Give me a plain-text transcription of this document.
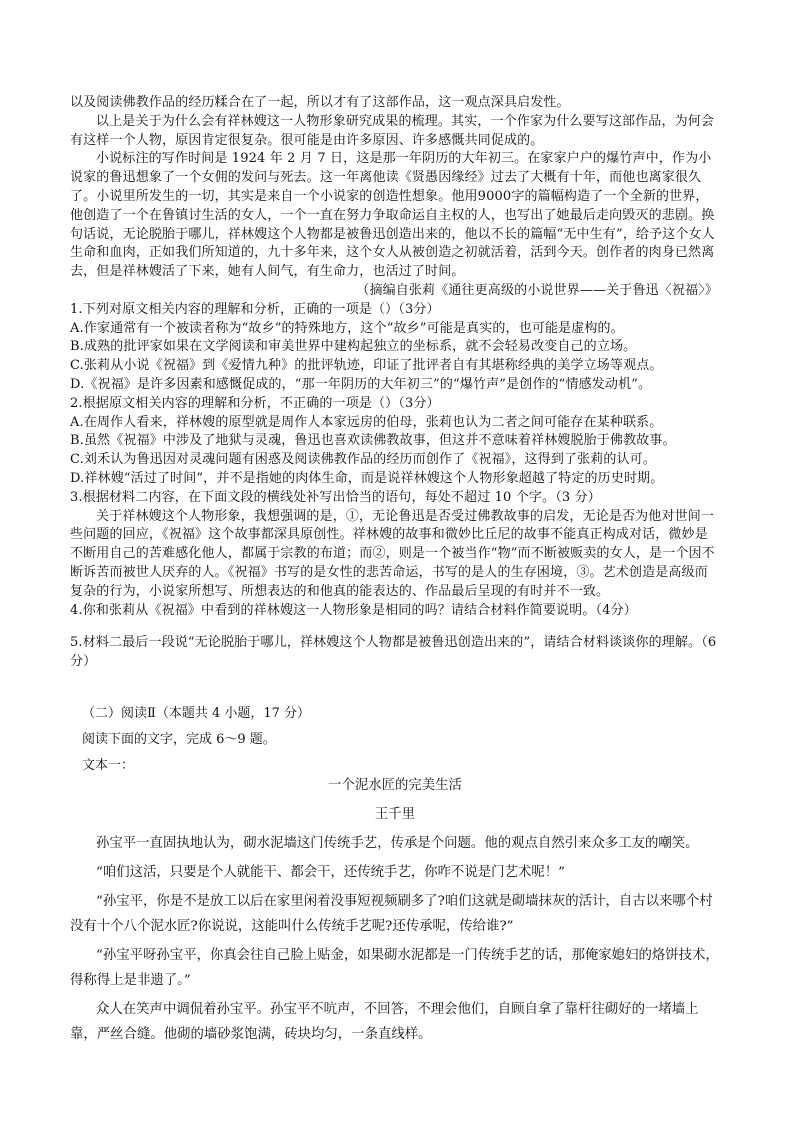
以及阅读佛教作品的经历糅合在了一起，所以才有了这部作品，这一观点深具启发性。

以上是关于为什么会有祥林嫂这一人物形象研究成果的梳理。其实，一个作家为什么要写这部作品，为何会有这样一个人物，原因肯定很复杂。很可能是由许多原因、许多感慨共同促成的。

小说标注的写作时间是 1924 年 2 月 7 日，这是那一年阴历的大年初三。在家家户户的爆竹声中，作为小说家的鲁迅想象了一个女佣的发问与死去。这一年离他读《贤愚因缘经》过去了大概有十年，而他也离家很久了。小说里所发生的一切，其实是来自一个小说家的创造性想象。他用9000字的篇幅构造了一个全新的世界，他创造了一个在鲁镇讨生活的女人，一个一直在努力争取命运自主权的人，也写出了她最后走向毁灭的悲剧。换句话说，无论脱胎于哪儿，祥林嫂这个人物都是被鲁迅创造出来的，他以不长的篇幅“无中生有”，给予这个女人生命和血肉，正如我们所知道的，九十多年来，这个女人从被创造之初就活着，活到今天。创作者的肉身已然离去，但是祥林嫂活了下来，她有人间气，有生命力，也活过了时间。

（摘编自张莉《通往更高级的小说世界——关于鲁迅〈祝福〉》

1.下列对原文相关内容的理解和分析，正确的一项是（）（3分）

A.作家通常有一个被读者称为“故乡”的特殊地方，这个“故乡”可能是真实的，也可能是虚构的。

B.成熟的批评家如果在文学阅读和审美世界中建构起独立的坐标系，就不会轻易改变自己的立场。

C.张莉从小说《祝福》到《爱情九种》的批评轨迹，印证了批评者自有其堪称经典的美学立场等观点。

D.《祝福》是许多因素和感慨促成的，“那一年阴历的大年初三”的“爆竹声”是创作的“情感发动机”。

2.根据原文相关内容的理解和分析，不正确的一项是（）（3分）

A.在周作人看来，祥林嫂的原型就是周作人本家远房的伯母，张莉也认为二者之间可能存在某种联系。

B.虽然《祝福》中涉及了地狱与灵魂，鲁迅也喜欢读佛教故事，但这并不意味着祥林嫂脱胎于佛教故事。

C.刘禾认为鲁迅因对灵魂问题有困惑及阅读佛教作品的经历而创作了《祝福》，这得到了张莉的认可。

D.祥林嫂“活过了时间”，并不是指她的肉体生命，而是说祥林嫂这个人物形象超越了特定的历史时期。

3.根据材料二内容，在下面文段的横线处补写出恰当的语句，每处不超过 10 个字。（3 分）

关于祥林嫂这个人物形象，我想强调的是，①，无论鲁迅是否受过佛教故事的启发，无论是否为他对世间一些问题的回应，《祝福》这个故事都深具原创性。祥林嫂的故事和微妙比丘尼的故事不能真正构成对话，微妙是不断用自己的苦难感化他人，都属于宗教的布道；而②，则是一个被当作“物”而不断被贩卖的女人，是一个因不断诉苦而被世人厌弃的人。《祝福》书写的是女性的悲苦命运，书写的是人的生存困境，③。艺术创造是高级而复杂的行为，小说家所想写、所想表达的和他真的能表达的、作品最后呈现的有时并不一致。

4.你和张莉从《祝福》中看到的祥林嫂这一人物形象是相同的吗？请结合材料作简要说明。（4分）

5.材料二最后一段说“无论脱胎于哪儿，祥林嫂这个人物都是被鲁迅创造出来的”，请结合材料谈谈你的理解。（6分）

（二）阅读Ⅱ（本题共 4 小题，17 分）

阅读下面的文字，完成 6～9 题。

文本一：

一个泥水匠的完美生活

王千里

孙宝平一直固执地认为，砌水泥墙这门传统手艺，传承是个问题。他的观点自然引来众多工友的嘲笑。

“咱们这活，只要是个人就能干、都会干，还传统手艺，你咋不说是门艺术呢！”

“孙宝平，你是不是放工以后在家里闲着没事短视频刷多了?咱们这就是砌墙抹灰的活计，自古以来哪个村没有十个八个泥水匠?你说说，这能叫什么传统手艺呢?还传承呢，传给谁?”

“孙宝平呀孙宝平，你真会往自己脸上贴金，如果砌水泥都是一门传统手艺的话，那俺家媳妇的烙饼技术，得称得上是非遗了。”

众人在笑声中调侃着孙宝平。孙宝平不吭声，不回答，不理会他们，自顾自拿了靠杆往砌好的一堵墙上靠，严丝合缝。他砌的墙砂浆饱满，砖块均匀，一条直线样。
